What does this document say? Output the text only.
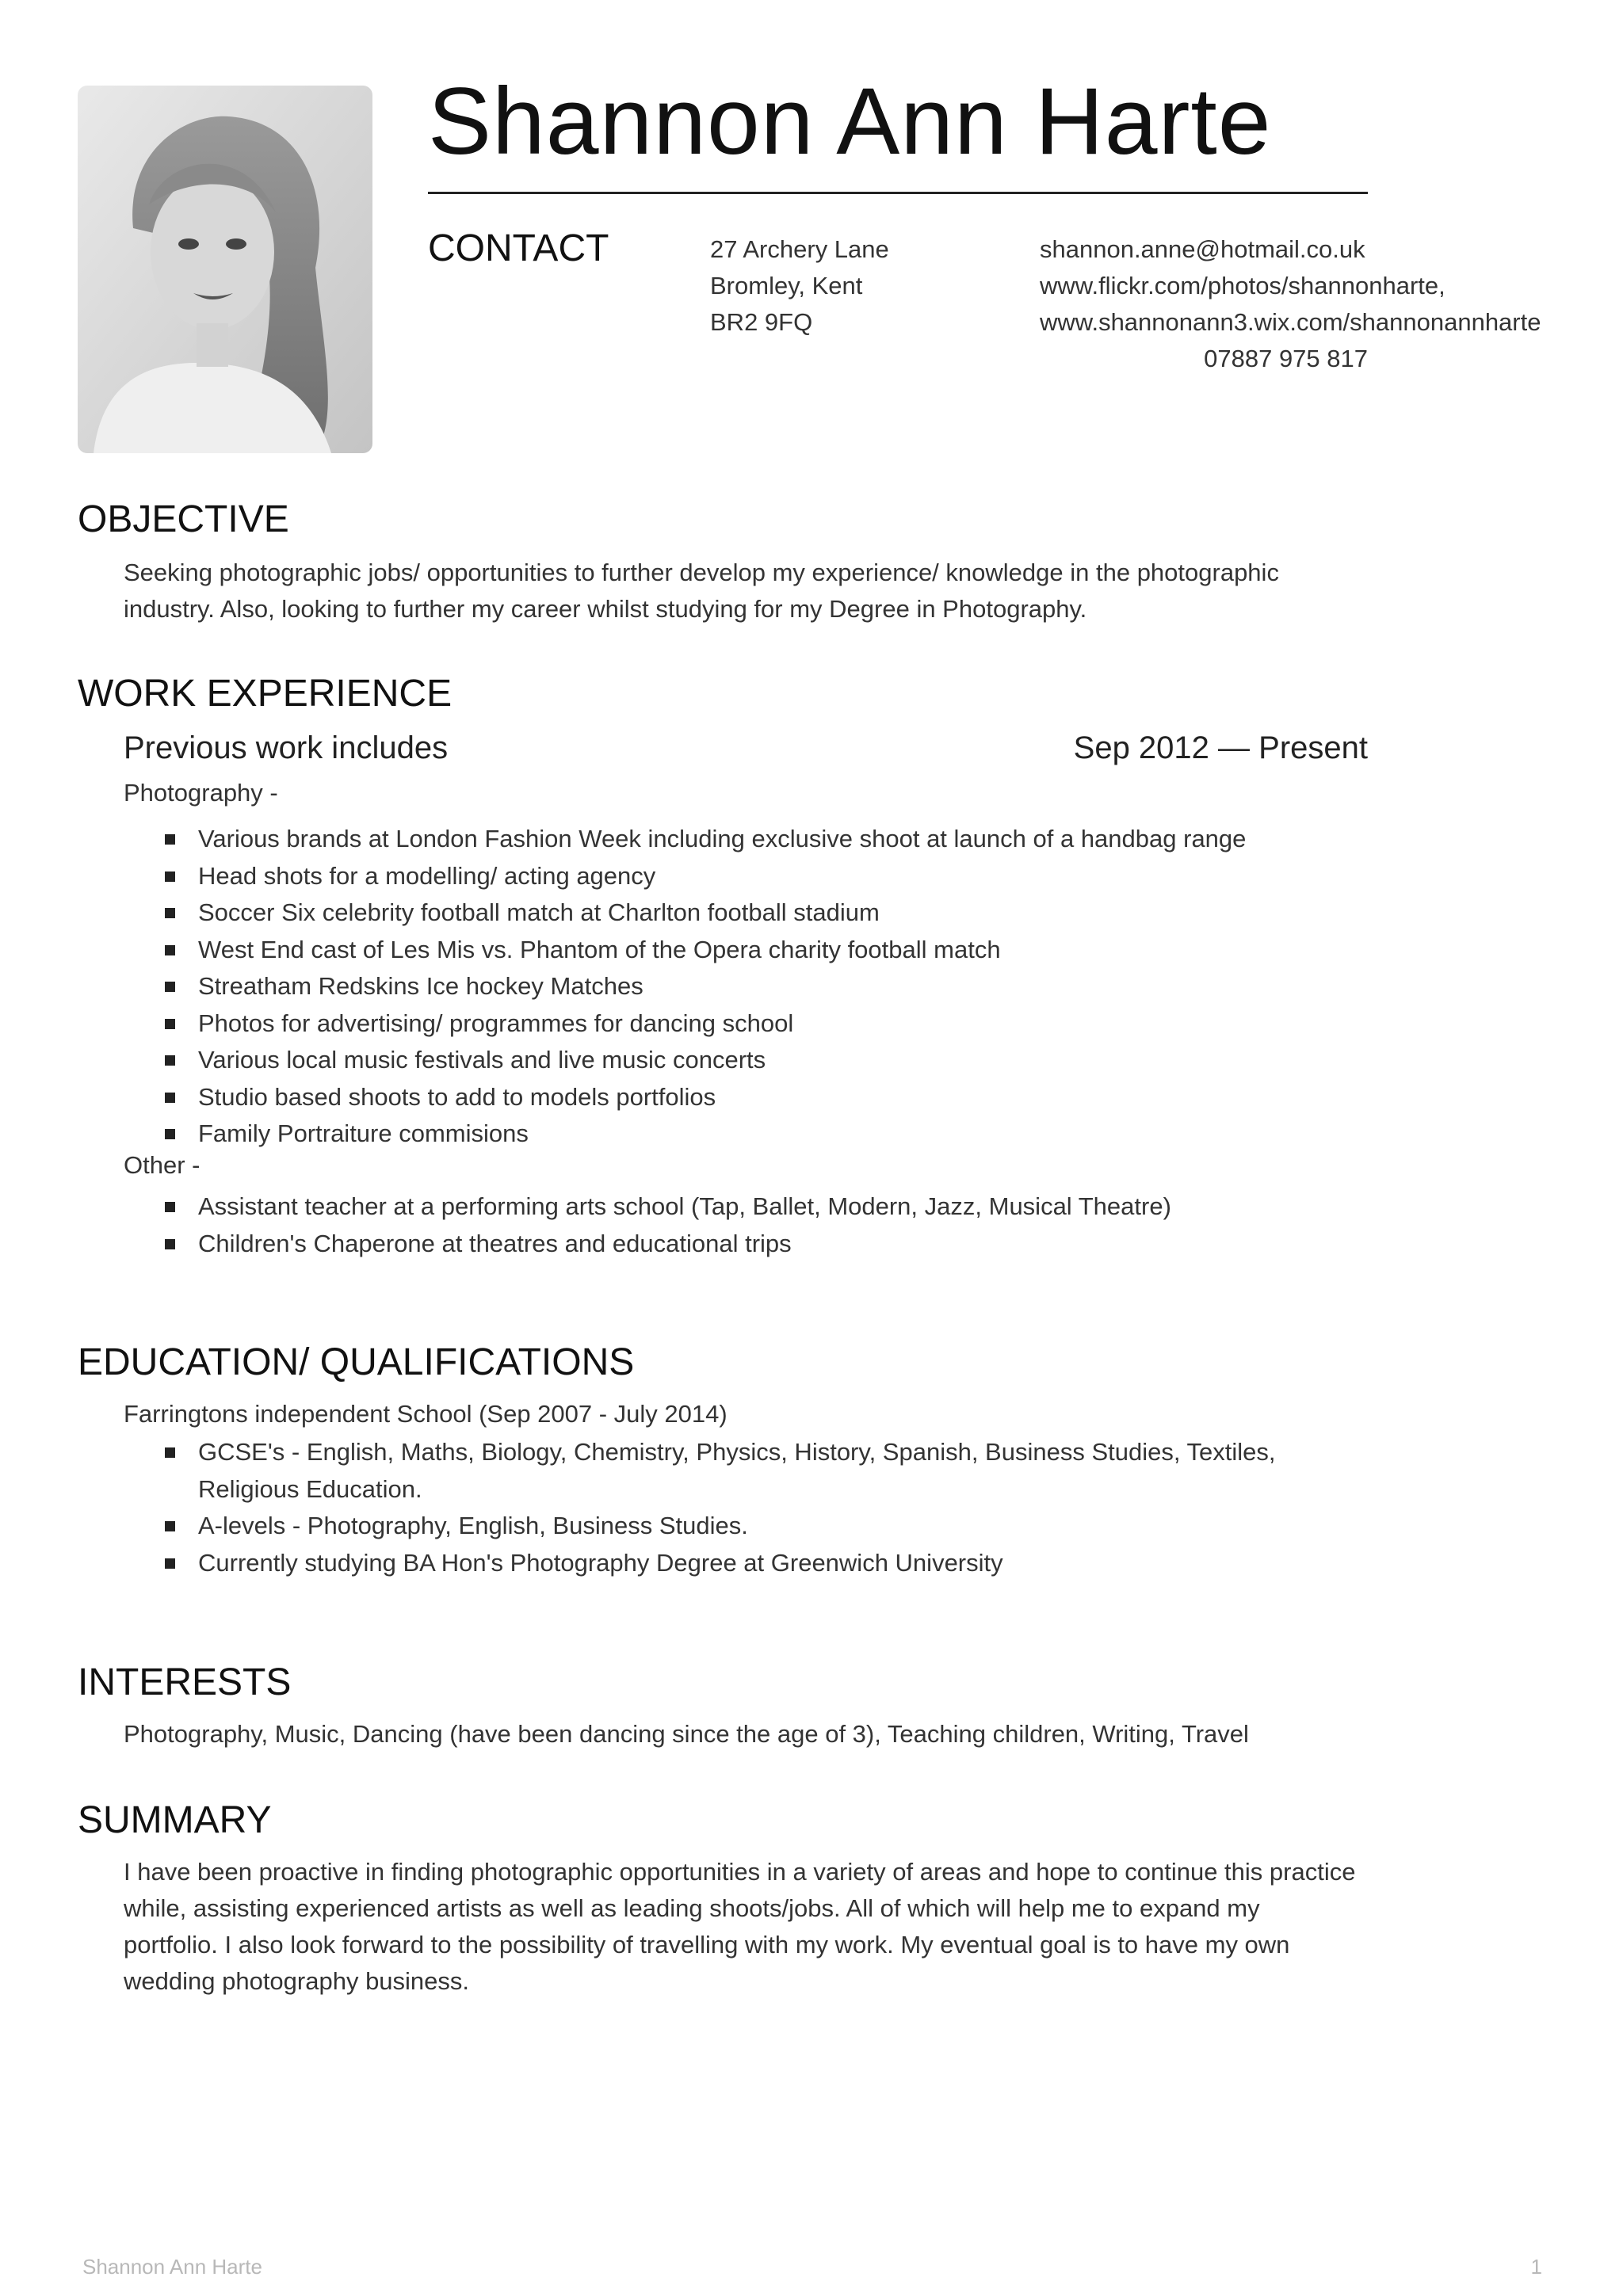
Shannon Ann Harte
CONTACT	27 Archery Lane
Bromley, Kent
BR2 9FQ
shannon.anne@hotmail.co.uk
www.flickr.com/photos/shannonharte,
www.shannonann3.wix.com/shannonannharte
07887 975 817
OBJECTIVE
Seeking photographic jobs/ opportunities to further develop my experience/ knowledge in the photographic industry. Also, looking to further my career whilst studying for my Degree in Photography.
WORK EXPERIENCE
Previous work includes	Sep 2012 — Present
Photography -
Various brands at London Fashion Week including exclusive shoot at launch of a handbag range
Head shots for a modelling/ acting agency
Soccer Six celebrity football match at Charlton football stadium
West End cast of Les Mis vs. Phantom of the Opera charity football match
Streatham Redskins Ice hockey Matches
Photos for advertising/ programmes for dancing school
Various local music festivals and live music concerts
Studio based shoots to add to models portfolios
Family Portraiture commisions
Other -
Assistant teacher at a performing arts school (Tap, Ballet, Modern, Jazz, Musical Theatre)
Children's Chaperone at theatres and educational trips
EDUCATION/ QUALIFICATIONS
Farringtons independent School (Sep 2007 - July 2014)
GCSE's - English, Maths, Biology, Chemistry, Physics, History, Spanish, Business Studies, Textiles, Religious Education.
A-levels - Photography, English, Business Studies.
Currently studying BA Hon's Photography Degree at Greenwich University
INTERESTS
Photography, Music, Dancing (have been dancing since the age of 3), Teaching children, Writing, Travel
SUMMARY
I have been proactive in finding photographic opportunities in a variety of areas and hope to continue this practice while, assisting experienced artists as well as leading shoots/jobs. All of which will help me to expand my portfolio. I also look forward to the possibility of travelling with my work. My eventual goal is to have my own wedding photography business.
Shannon Ann Harte	1
